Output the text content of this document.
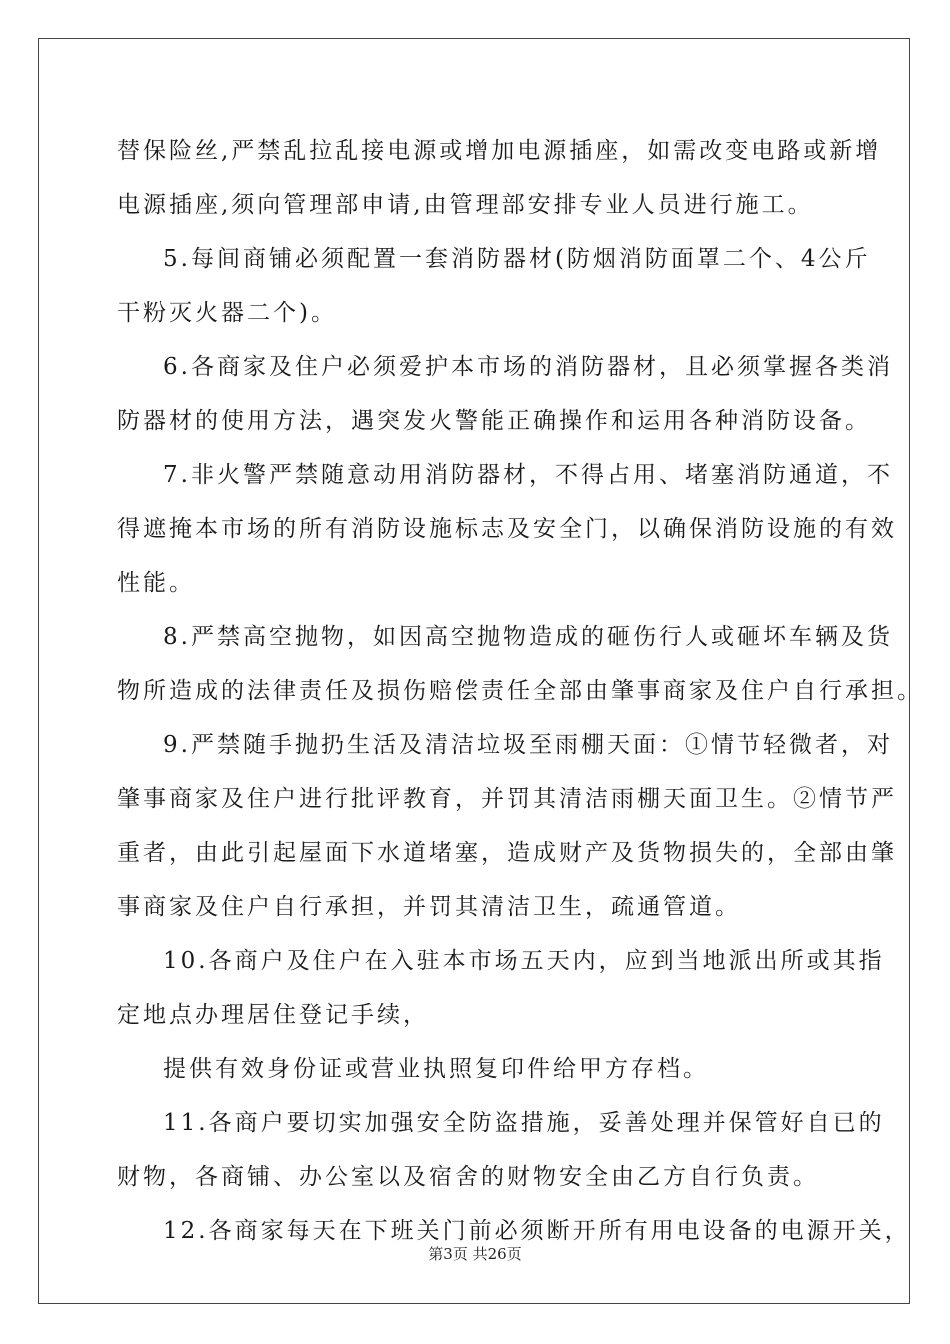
替保险丝,严禁乱拉乱接电源或增加电源插座，如需改变电路或新增
电源插座,须向管理部申请,由管理部安排专业人员进行施工。
5.每间商铺必须配置一套消防器材(防烟消防面罩二个、4公斤
干粉灭火器二个)。
6.各商家及住户必须爱护本市场的消防器材，且必须掌握各类消
防器材的使用方法，遇突发火警能正确操作和运用各种消防设备。
7.非火警严禁随意动用消防器材，不得占用、堵塞消防通道，不
得遮掩本市场的所有消防设施标志及安全门，以确保消防设施的有效
性能。
8.严禁高空抛物，如因高空抛物造成的砸伤行人或砸坏车辆及货
物所造成的法律责任及损伤赔偿责任全部由肇事商家及住户自行承担。
9.严禁随手抛扔生活及清洁垃圾至雨棚天面：①情节轻微者，对
肇事商家及住户进行批评教育，并罚其清洁雨棚天面卫生。②情节严
重者，由此引起屋面下水道堵塞，造成财产及货物损失的，全部由肇
事商家及住户自行承担，并罚其清洁卫生，疏通管道。
10.各商户及住户在入驻本市场五天内，应到当地派出所或其指
定地点办理居住登记手续，
提供有效身份证或营业执照复印件给甲方存档。
11.各商户要切实加强安全防盗措施，妥善处理并保管好自已的
财物，各商铺、办公室以及宿舍的财物安全由乙方自行负责。
12.各商家每天在下班关门前必须断开所有用电设备的电源开关，
第3页 共26页
